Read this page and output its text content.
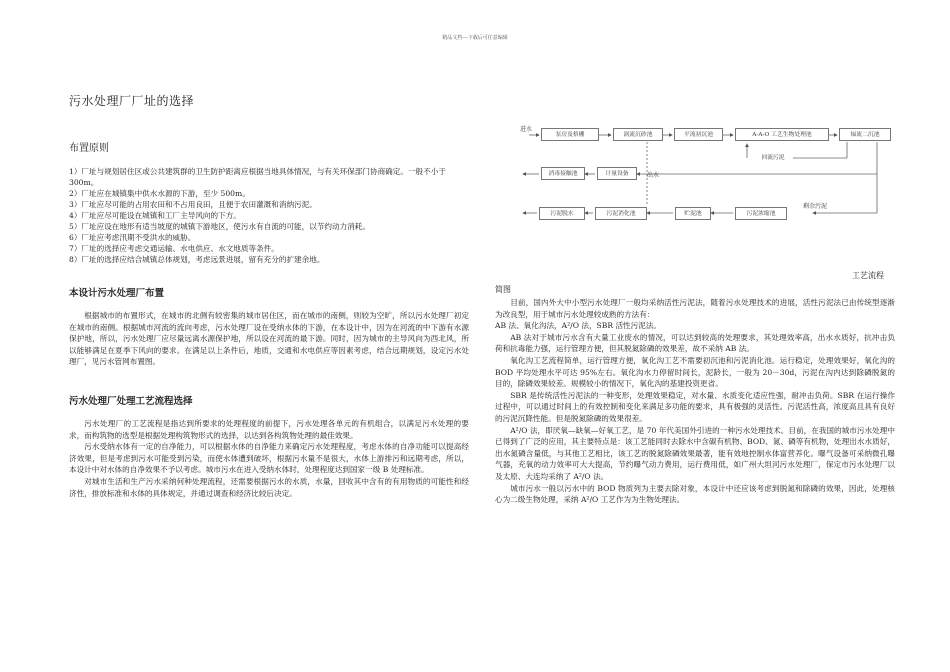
精品文档---下载后可任意编辑
污水处理厂厂址的选择
布置原则
1）厂址与规划居住区或公共建筑群的卫生防护距离应根据当地具体情况，与有关环保部门协商确定。一般不小于 300m。
2）厂址应在城镇集中供水水源的下游，至少 500m。
3）厂址应尽可能的占用农田和不占用良田，且便于农田灌溉和消纳污泥。
4）厂址应尽可能设在城镇和工厂主导风向的下方。
5）厂址应设在地形有适当坡度的城镇下游地区，使污水有自流的可能，以节约动力消耗。
6）厂址应考虑汛期不受洪水的威胁。
7）厂址的选择应考虑交通运输、水电供应、水文地质等条件。
8）厂址的选择应结合城镇总体规划，考虑远景进展，留有充分的扩建余地。
本设计污水处理厂布置

根据城市的布置形式，在城市的北侧有较密集的城市居住区，而在城市的南侧，则较为空旷，所以污水处理厂初定在城市的南侧。根据城市河流的流向考虑，污水处理厂设在受纳水体的下游，在本设计中，因为在河流的中下游有水源保护地，所以，污水处理厂应尽量远离水源保护地，所以设在河流的最下游。同时，因为城市的主导风向为西北风，所以能够满足在夏季下风向的要求。在满足以上条件后，地质，交通和水电供应等因素考虑，结合远期规划，设定污水处理厂，见污水管网布置图。

污水处理厂处理工艺流程选择

污水处理厂的工艺流程是指达到所要求的处理程度的前提下，污水处理各单元的有机组合，以满足污水处理的要求，而构筑物的选型是根据处理构筑物形式的选择，以达到各构筑物处理的最佳效果。

污水受纳水体有一定的自净能力，可以根据水体的自净能力来确定污水处理程度，考虑水体的自净功能可以提高经济效果，但是考虑到污水可能受到污染，而使水体遭到破坏，根据污水量不是很大，水体上游排污和远期考虑，所以，本设计中对水体的自净效果不予以考虑。城市污水在进入受纳水体时，处理程度达到国家一级 B 处理标准。

对城市生活和生产污水采纳何种处理流程，还需要根据污水的水质，水量，回收其中含有的有用物质的可能性和经济性，排放标准和水体的具体规定，并通过调查和经济比较后决定。

进水
泵房及格栅	涡流沉砂池	平流初沉池	A-A-O 工艺生物处理池	辐流二沉池
回流污泥
消毒接触池	计量设备	出水
剩余污泥
污泥脱水	污泥消化池	贮泥池	污泥浓缩池
工艺流程
简图

目前，国内外大中小型污水处理厂一般均采纳活性污泥法，随着污水处理技术的进展，活性污泥法已由传统型逐渐为改良型，用于城市污水处理较成熟的方法有：

AB 法、氧化沟法，A²/O 法，SBR 活性污泥法。

AB 法对于城市污水含有大量工业废水的情况，可以达到较高的处理要求，其处理效率高，出水水质好，抗冲击负荷和抗毒能力强，运行管理方便，但其脱氮除磷的效果差，故不采纳 AB 法。

氧化沟工艺流程简单，运行管理方便，氧化沟工艺不需要初沉池和污泥消化池。运行稳定，处理效果好，氧化沟的 BOD 平均处理水平可达 95%左右。氧化沟水力停留时间长，泥龄长，一般为 20－30d，污泥在沟内达到除磷脱氮的目的，除磷效果较差。规模较小的情况下，氧化沟的基建投资更省。

SBR 是传统活性污泥法的一种变形，处理效果稳定，对水量、水质变化适应性强，耐冲击负荷。SBR 在运行操作过程中，可以通过时间上的有效控制和变化来满足多功能的要求，具有极强的灵活性。污泥活性高，浓度高且具有良好的污泥沉降性能。但是脱氮除磷的效果很差。

A²/O 法，即厌氧—缺氧—好氧工艺，是 70 年代美国外引进的一种污水处理技术。目前，在我国的城市污水处理中已得到了广泛的应用，其主要特点是：该工艺能同时去除水中含碳有机物、BOD、氮、磷等有机物，处理出水水质好，出水氮磷含量低，与其他工艺相比，该工艺的脱氮除磷效果最著，能有效地控制水体富营养化。曝气设备可采纳微孔曝气器，充氧的动力效率可大大提高，节约曝气动力费用，运行费用低，如广州大坦河污水处理厂，保定市污水处理厂以及太原、大连均采纳了 A²/O 法。

城市污水一般以污水中的 BOD 物质列为主要去除对象，本设计中还应该考虑到脱氮和除磷的效果，因此，处理核心为二级生物处理，采纳 A²/O 工艺作为为生物处理法。
